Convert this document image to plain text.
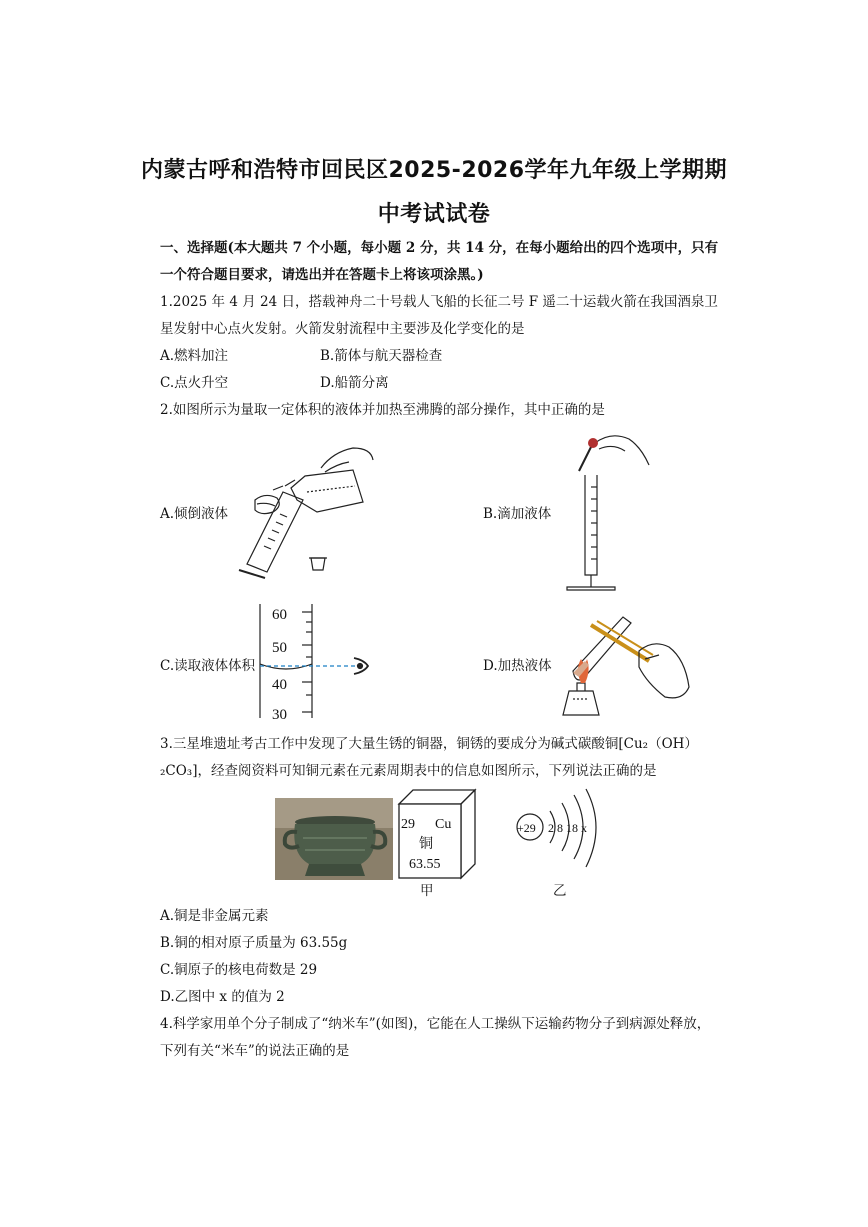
内蒙古呼和浩特市回民区2025-2026学年九年级上学期期
中考试试卷
一、选择题(本大题共 7 个小题，每小题 2 分，共 14 分，在每小题给出的四个选项中，只有
一个符合题目要求，请选出并在答题卡上将该项涂黑。)
1.2025 年 4 月 24 日，搭载神舟二十号载人飞船的长征二号 F 遥二十运载火箭在我国酒泉卫
星发射中心点火发射。火箭发射流程中主要涉及化学变化的是
A.燃料加注	B.箭体与航天器检查
C.点火升空	D.船箭分离
2.如图所示为量取一定体积的液体并加热至沸腾的部分操作，其中正确的是
A.倾倒液体	B.滴加液体
C.读取液体体积	D.加热液体
60
50
40
30
3.三星堆遗址考古工作中发现了大量生锈的铜器，铜锈的要成分为碱式碳酸铜[Cu₂（OH）
₂CO₃]，经查阅资料可知铜元素在元素周期表中的信息如图所示，下列说法正确的是
29 Cu
铜
63.55
甲
+29 2 8 18 x
乙
A.铜是非金属元素
B.铜的相对原子质量为 63.55g
C.铜原子的核电荷数是 29
D.乙图中 x 的值为 2
4.科学家用单个分子制成了“纳米车”(如图)，它能在人工操纵下运输药物分子到病源处释放，
下列有关“米车”的说法正确的是
